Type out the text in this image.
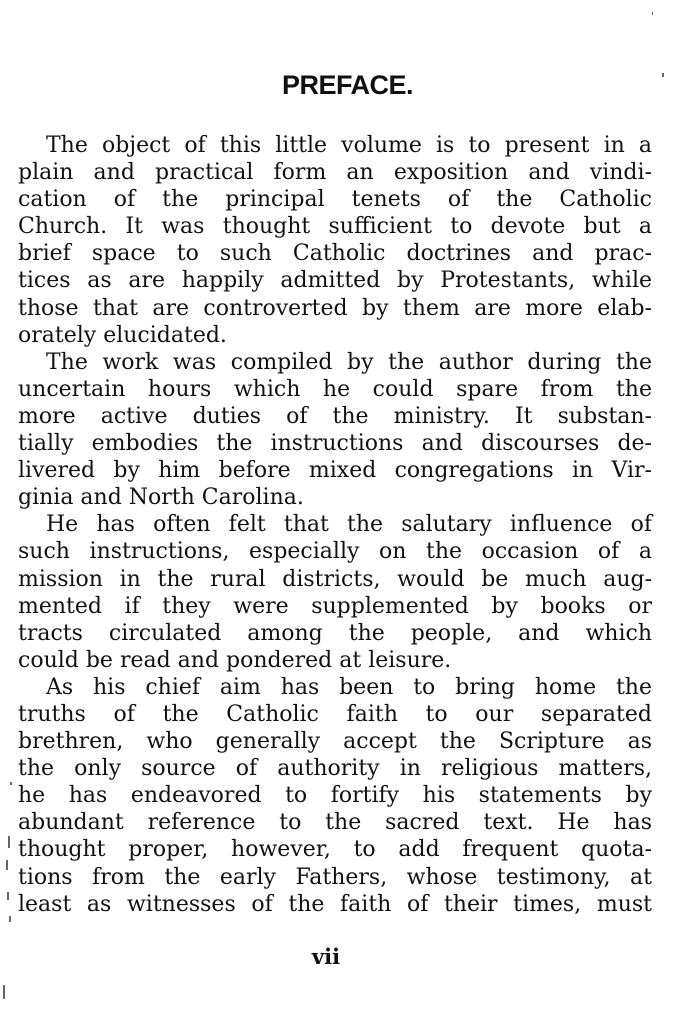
PREFACE.
The object of this little volume is to present in a
plain and practical form an exposition and vindi-
cation of the principal tenets of the Catholic
Church. It was thought sufficient to devote but a
brief space to such Catholic doctrines and prac-
tices as are happily admitted by Protestants, while
those that are controverted by them are more elab-
orately elucidated.
The work was compiled by the author during the
uncertain hours which he could spare from the
more active duties of the ministry. It substan-
tially embodies the instructions and discourses de-
livered by him before mixed congregations in Vir-
ginia and North Carolina.
He has often felt that the salutary influence of
such instructions, especially on the occasion of a
mission in the rural districts, would be much aug-
mented if they were supplemented by books or
tracts circulated among the people, and which
could be read and pondered at leisure.
As his chief aim has been to bring home the
truths of the Catholic faith to our separated
brethren, who generally accept the Scripture as
the only source of authority in religious matters,
he has endeavored to fortify his statements by
abundant reference to the sacred text. He has
thought proper, however, to add frequent quota-
tions from the early Fathers, whose testimony, at
least as witnesses of the faith of their times, must
vii
